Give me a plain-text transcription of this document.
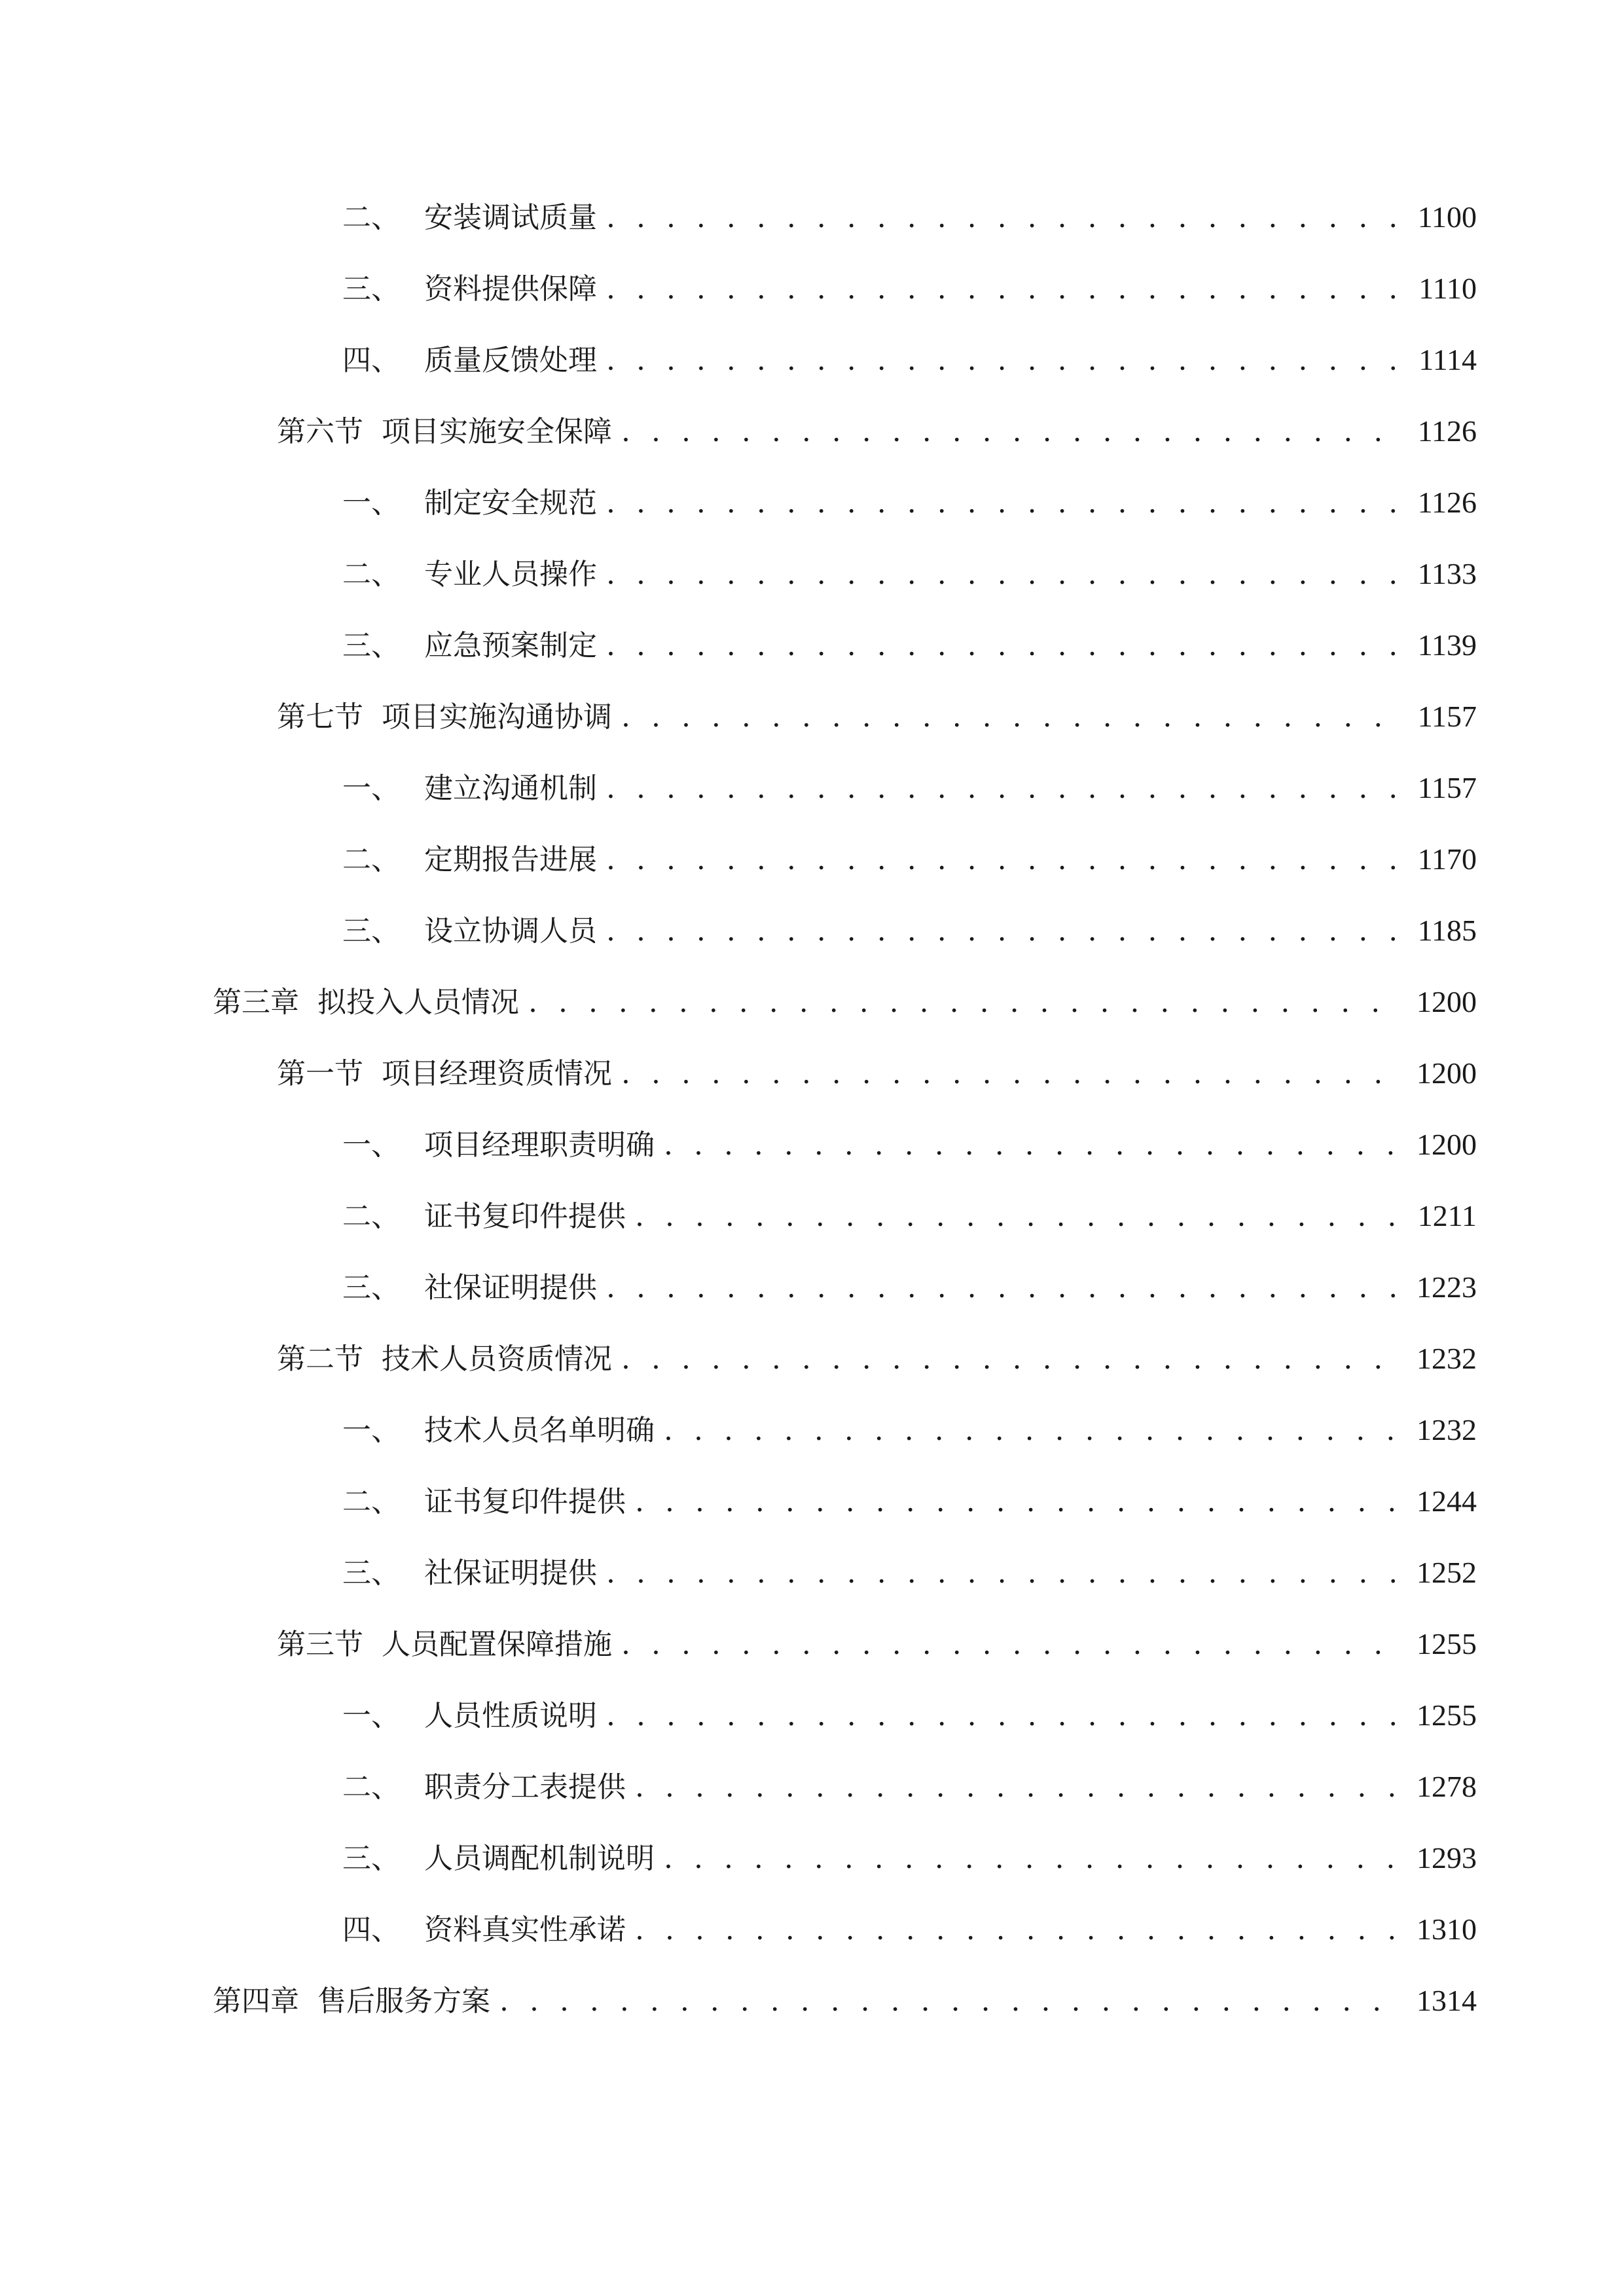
二、 安装调试质量 . . .	1100
三、 资料提供保障 . . .	1110
四、 质量反馈处理 . . .	1114
第六节 项目实施安全保障 . . .	1126
一、 制定安全规范 . . .	1126
二、 专业人员操作 . . .	1133
三、 应急预案制定 . . .	1139
第七节 项目实施沟通协调 . . .	1157
一、 建立沟通机制 . . .	1157
二、 定期报告进展 . . .	1170
三、 设立协调人员 . . .	1185
第三章 拟投入人员情况 . . .	1200
第一节 项目经理资质情况 . . .	1200
一、 项目经理职责明确 . . .	1200
二、 证书复印件提供 . . .	1211
三、 社保证明提供 . . .	1223
第二节 技术人员资质情况 . . .	1232
一、 技术人员名单明确 . . .	1232
二、 证书复印件提供 . . .	1244
三、 社保证明提供 . . .	1252
第三节 人员配置保障措施 . . .	1255
一、 人员性质说明 . . .	1255
二、 职责分工表提供 . . .	1278
三、 人员调配机制说明 . . .	1293
四、 资料真实性承诺 . . .	1310
第四章 售后服务方案 . . .	1314
